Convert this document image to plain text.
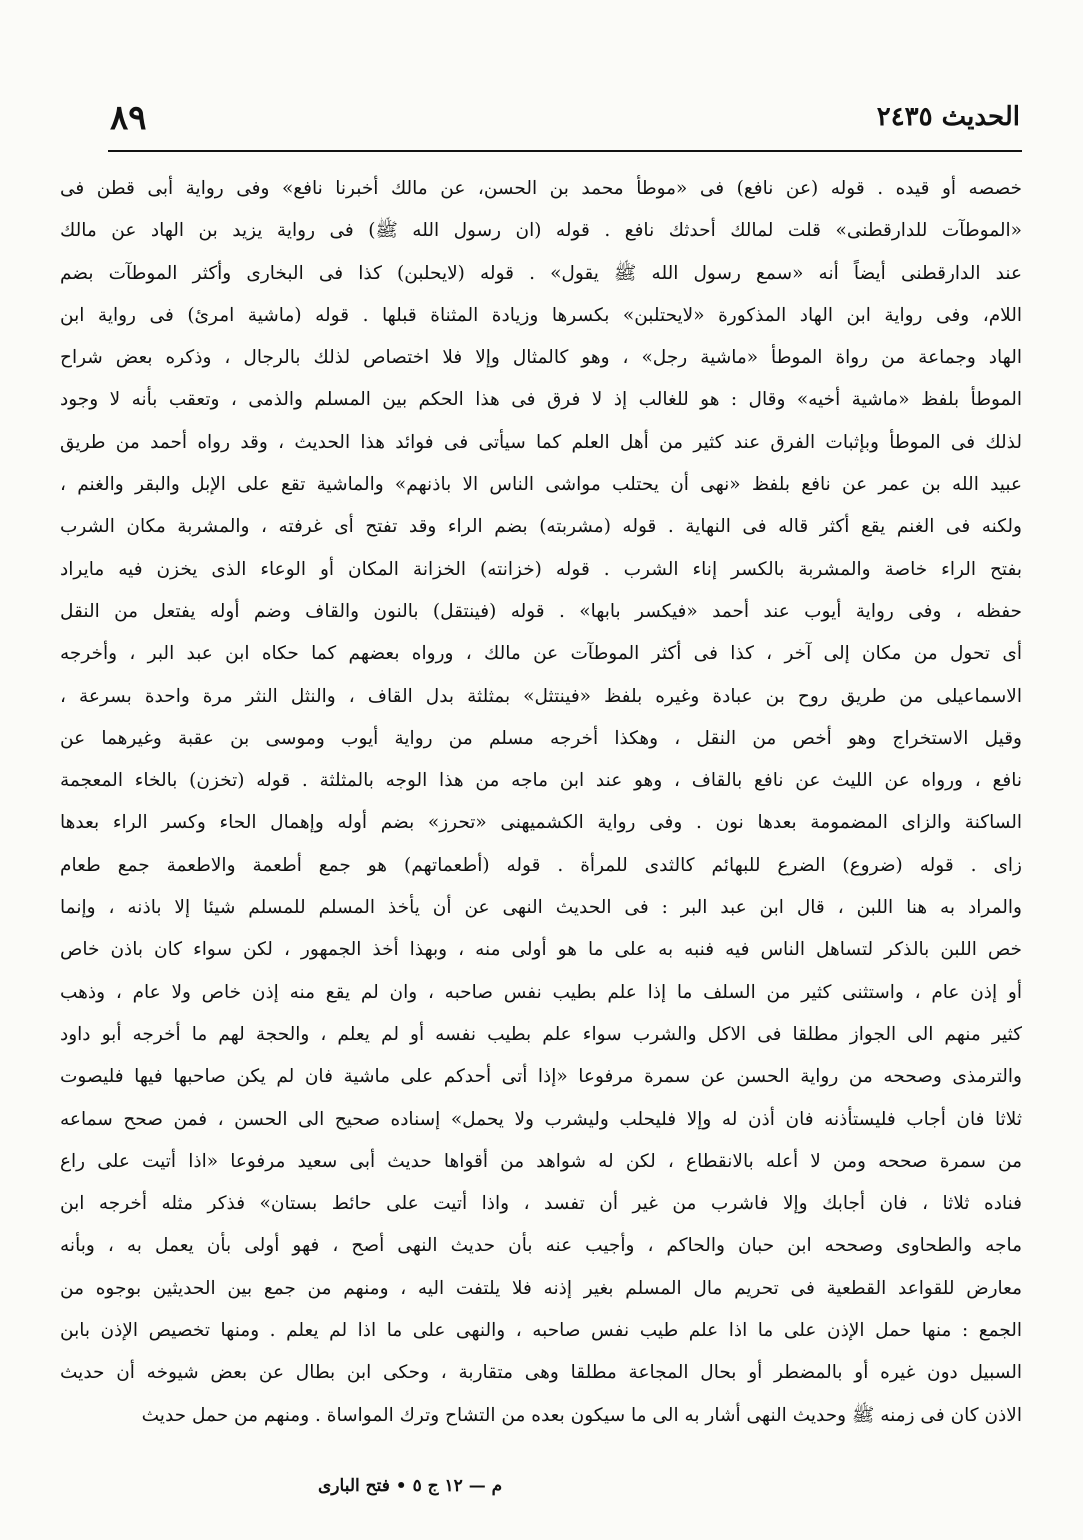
الحديث ٢٤٣٥
٨٩
خصصه أو قيده . قوله (عن نافع) فى «موطأ محمد بن الحسن، عن مالك أخبرنا نافع» وفى رواية أبى قطن فى
«الموطآت للدارقطنى» قلت لمالك أحدثك نافع . قوله (ان رسول الله ﷺ) فى رواية يزيد بن الهاد عن مالك
عند الدارقطنى أيضاً أنه «سمع رسول الله ﷺ يقول» . قوله (لايحلبن) كذا فى البخارى وأكثر الموطآت بضم
اللام، وفى رواية ابن الهاد المذكورة «لايحتلبن» بكسرها وزيادة المثناة قبلها . قوله (ماشية امرئ) فى رواية ابن
الهاد وجماعة من رواة الموطأ «ماشية رجل» ، وهو كالمثال وإلا فلا اختصاص لذلك بالرجال ، وذكره بعض شراح
الموطأ بلفظ «ماشية أخيه» وقال : هو للغالب إذ لا فرق فى هذا الحكم بين المسلم والذمى ، وتعقب بأنه لا وجود
لذلك فى الموطأ وبإثبات الفرق عند كثير من أهل العلم كما سيأتى فى فوائد هذا الحديث ، وقد رواه أحمد من طريق
عبيد الله بن عمر عن نافع بلفظ «نهى أن يحتلب مواشى الناس الا باذنهم» والماشية تقع على الإبل والبقر والغنم ،
ولكنه فى الغنم يقع أكثر قاله فى النهاية . قوله (مشربته) بضم الراء وقد تفتح أى غرفته ، والمشربة مكان الشرب
بفتح الراء خاصة والمشربة بالكسر إناء الشرب . قوله (خزانته) الخزانة المكان أو الوعاء الذى يخزن فيه مايراد
حفظه ، وفى رواية أيوب عند أحمد «فيكسر بابها» . قوله (فينتقل) بالنون والقاف وضم أوله يفتعل من النقل
أى تحول من مكان إلى آخر ، كذا فى أكثر الموطآت عن مالك ، ورواه بعضهم كما حكاه ابن عبد البر ، وأخرجه
الاسماعيلى من طريق روح بن عبادة وغيره بلفظ «فينتثل» بمثلثة بدل القاف ، والنثل النثر مرة واحدة بسرعة ،
وقيل الاستخراج وهو أخص من النقل ، وهكذا أخرجه مسلم من رواية أيوب وموسى بن عقبة وغيرهما عن
نافع ، ورواه عن الليث عن نافع بالقاف ، وهو عند ابن ماجه من هذا الوجه بالمثلثة . قوله (تخزن) بالخاء المعجمة
الساكنة والزاى المضمومة بعدها نون . وفى رواية الكشميهنى «تحرز» بضم أوله وإهمال الحاء وكسر الراء بعدها
زاى . قوله (ضروع) الضرع للبهائم كالثدى للمرأة . قوله (أطعماتهم) هو جمع أطعمة والاطعمة جمع طعام
والمراد به هنا اللبن ، قال ابن عبد البر : فى الحديث النهى عن أن يأخذ المسلم للمسلم شيئا إلا باذنه ، وإنما
خص اللبن بالذكر لتساهل الناس فيه فنبه به على ما هو أولى منه ، وبهذا أخذ الجمهور ، لكن سواء كان باذن خاص
أو إذن عام ، واستثنى كثير من السلف ما إذا علم بطيب نفس صاحبه ، وان لم يقع منه إذن خاص ولا عام ، وذهب
كثير منهم الى الجواز مطلقا فى الاكل والشرب سواء علم بطيب نفسه أو لم يعلم ، والحجة لهم ما أخرجه أبو داود
والترمذى وصححه من رواية الحسن عن سمرة مرفوعا «إذا أتى أحدكم على ماشية فان لم يكن صاحبها فيها فليصوت
ثلاثا فان أجاب فليستأذنه فان أذن له وإلا فليحلب وليشرب ولا يحمل» إسناده صحيح الى الحسن ، فمن صحح سماعه
من سمرة صححه ومن لا أعله بالانقطاع ، لكن له شواهد من أقواها حديث أبى سعيد مرفوعا «اذا أتيت على راع
فناده ثلاثا ، فان أجابك وإلا فاشرب من غير أن تفسد ، واذا أتيت على حائط بستان» فذكر مثله أخرجه ابن
ماجه والطحاوى وصححه ابن حبان والحاكم ، وأجيب عنه بأن حديث النهى أصح ، فهو أولى بأن يعمل به ، وبأنه
معارض للقواعد القطعية فى تحريم مال المسلم بغير إذنه فلا يلتفت اليه ، ومنهم من جمع بين الحديثين بوجوه من
الجمع : منها حمل الإذن على ما اذا علم طيب نفس صاحبه ، والنهى على ما اذا لم يعلم . ومنها تخصيص الإذن بابن
السبيل دون غيره أو بالمضطر أو بحال المجاعة مطلقا وهى متقاربة ، وحكى ابن بطال عن بعض شيوخه أن حديث
الاذن كان فى زمنه ﷺ وحديث النهى أشار به الى ما سيكون بعده من التشاح وترك المواساة . ومنهم من حمل حديث
م — ١٢ ج ٥ • فتح البارى
